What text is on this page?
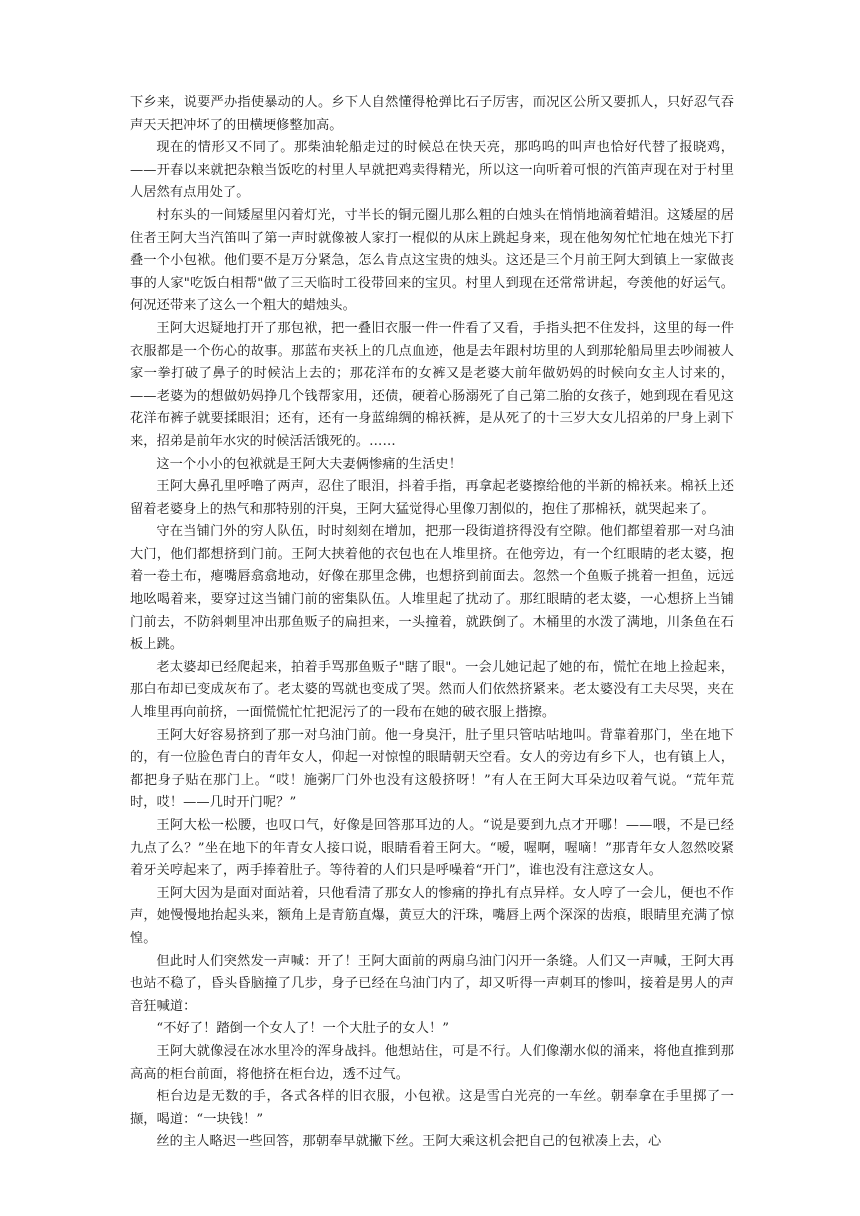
下乡来，说要严办指使暴动的人。乡下人自然懂得枪弹比石子厉害，而况区公所又要抓人，只好忍气吞声天天把冲坏了的田横埂修整加高。

现在的情形又不同了。那柴油轮船走过的时候总在快天亮，那呜呜的叫声也恰好代替了报晓鸡，——开春以来就把杂粮当饭吃的村里人早就把鸡卖得精光，所以这一向听着可恨的汽笛声现在对于村里人居然有点用处了。

村东头的一间矮屋里闪着灯光，寸半长的铜元圈儿那么粗的白烛头在悄悄地滴着蜡泪。这矮屋的居住者王阿大当汽笛叫了第一声时就像被人家打一棍似的从床上跳起身来，现在他匆匆忙忙地在烛光下打叠一个小包袱。他们要不是万分紧急，怎么肯点这宝贵的烛头。这还是三个月前王阿大到镇上一家做丧事的人家"吃饭白相帮"做了三天临时工役带回来的宝贝。村里人到现在还常常讲起，夸羡他的好运气。何况还带来了这么一个粗大的蜡烛头。

王阿大迟疑地打开了那包袱，把一叠旧衣服一件一件看了又看，手指头把不住发抖，这里的每一件衣服都是一个伤心的故事。那蓝布夹袄上的几点血迹，他是去年跟村坊里的人到那轮船局里去吵闹被人家一拳打破了鼻子的时候沾上去的；那花洋布的女裤又是老婆大前年做奶妈的时候向女主人讨来的，——老婆为的想做奶妈挣几个钱帮家用，还债，硬着心肠溺死了自己第二胎的女孩子，她到现在看见这花洋布裤子就要揉眼泪；还有，还有一身蓝绵绸的棉袄裤，是从死了的十三岁大女儿招弟的尸身上剥下来，招弟是前年水灾的时候活活饿死的。……

这一个小小的包袱就是王阿大夫妻俩惨痛的生活史！

王阿大鼻孔里呼噜了两声，忍住了眼泪，抖着手指，再拿起老婆擦给他的半新的棉袄来。棉袄上还留着老婆身上的热气和那特别的汗臭，王阿大猛觉得心里像刀割似的，抱住了那棉袄，就哭起来了。

守在当铺门外的穷人队伍，时时刻刻在增加，把那一段街道挤得没有空隙。他们都望着那一对乌油大门，他们都想挤到门前。王阿大挟着他的衣包也在人堆里挤。在他旁边，有一个红眼睛的老太婆，抱着一卷土布，瘪嘴唇翕翕地动，好像在那里念佛，也想挤到前面去。忽然一个鱼贩子挑着一担鱼，远远地吆喝着来，要穿过这当铺门前的密集队伍。人堆里起了扰动了。那红眼睛的老太婆，一心想挤上当铺门前去，不防斜刺里冲出那鱼贩子的扁担来，一头撞着，就跌倒了。木桶里的水泼了满地，川条鱼在石板上跳。

老太婆却已经爬起来，拍着手骂那鱼贩子"瞎了眼"。一会儿她记起了她的布，慌忙在地上捡起来，那白布却已变成灰布了。老太婆的骂就也变成了哭。然而人们依然挤紧来。老太婆没有工夫尽哭，夹在人堆里再向前挤，一面慌慌忙忙把泥污了的一段布在她的破衣服上揩擦。

王阿大好容易挤到了那一对乌油门前。他一身臭汗，肚子里只管咕咕地叫。背靠着那门，坐在地下的，有一位脸色青白的青年女人，仰起一对惊惶的眼睛朝天空看。女人的旁边有乡下人，也有镇上人，都把身子贴在那门上。“哎！施粥厂门外也没有这般挤呀！”有人在王阿大耳朵边叹着气说。“荒年荒时，哎！——几时开门呢？”

王阿大松一松腰，也叹口气，好像是回答那耳边的人。“说是要到九点才开哪！——喂，不是已经九点了么？”坐在地下的年青女人接口说，眼睛看着王阿大。“嗳，喔啊，喔嘀！”那青年女人忽然咬紧着牙关哼起来了，两手捧着肚子。等待着的人们只是呼噪着“开门”，谁也没有注意这女人。

王阿大因为是面对面站着，只他看清了那女人的惨痛的挣扎有点异样。女人哼了一会儿，便也不作声，她慢慢地抬起头来，额角上是青筋直爆，黄豆大的汗珠，嘴唇上两个深深的齿痕，眼睛里充满了惊惶。

但此时人们突然发一声喊：开了！王阿大面前的两扇乌油门闪开一条缝。人们又一声喊，王阿大再也站不稳了，昏头昏脑撞了几步，身子已经在乌油门内了，却又听得一声刺耳的惨叫，接着是男人的声音狂喊道：

“不好了！踏倒一个女人了！一个大肚子的女人！”

王阿大就像浸在冰水里冷的浑身战抖。他想站住，可是不行。人们像潮水似的涌来，将他直推到那高高的柜台前面，将他挤在柜台边，透不过气。

柜台边是无数的手，各式各样的旧衣服，小包袱。这是雪白光亮的一车丝。朝奉拿在手里掷了一撷，喝道：“一块钱！”

丝的主人略迟一些回答，那朝奉早就撇下丝。王阿大乘这机会把自己的包袱凑上去，心
